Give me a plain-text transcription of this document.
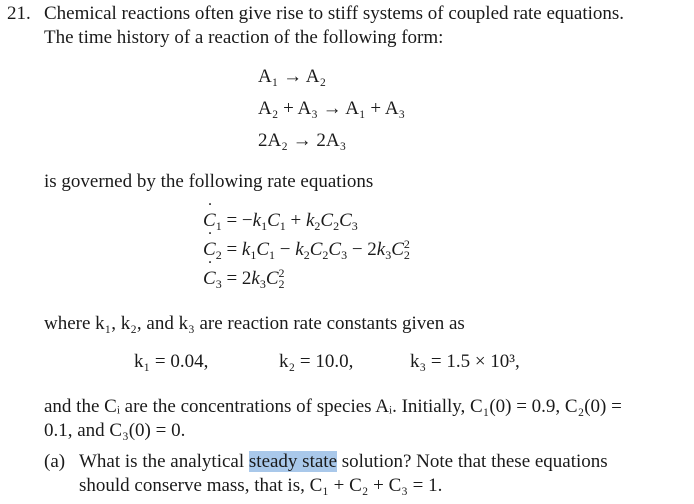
21. Chemical reactions often give rise to stiff systems of coupled rate equations.
The time history of a reaction of the following form:
A₁ → A₂
A₂ + A₃ → A₁ + A₃
2A₂ → 2A₃
is governed by the following rate equations
˙ $C_1 = -k_1C_1 + k_2C_2C_3$
˙ $C_2 = k_1C_1 - k_2C_2C_3 - 2k_3C^2_2$
˙ $C_3 = 2k_3C^2_2$
where k₁, k₂, and k₃ are reaction rate constants given as
k₁ = 0.04,	k₂ = 10.0,	k₃ = 1.5 × 10³,
and the Cᵢ are the concentrations of species Aᵢ. Initially, C₁(0) = 0.9, C₂(0) =
0.1, and C₃(0) = 0.
(a) What is the analytical steady state solution? Note that these equations
should conserve mass, that is, C₁ + C₂ + C₃ = 1.
